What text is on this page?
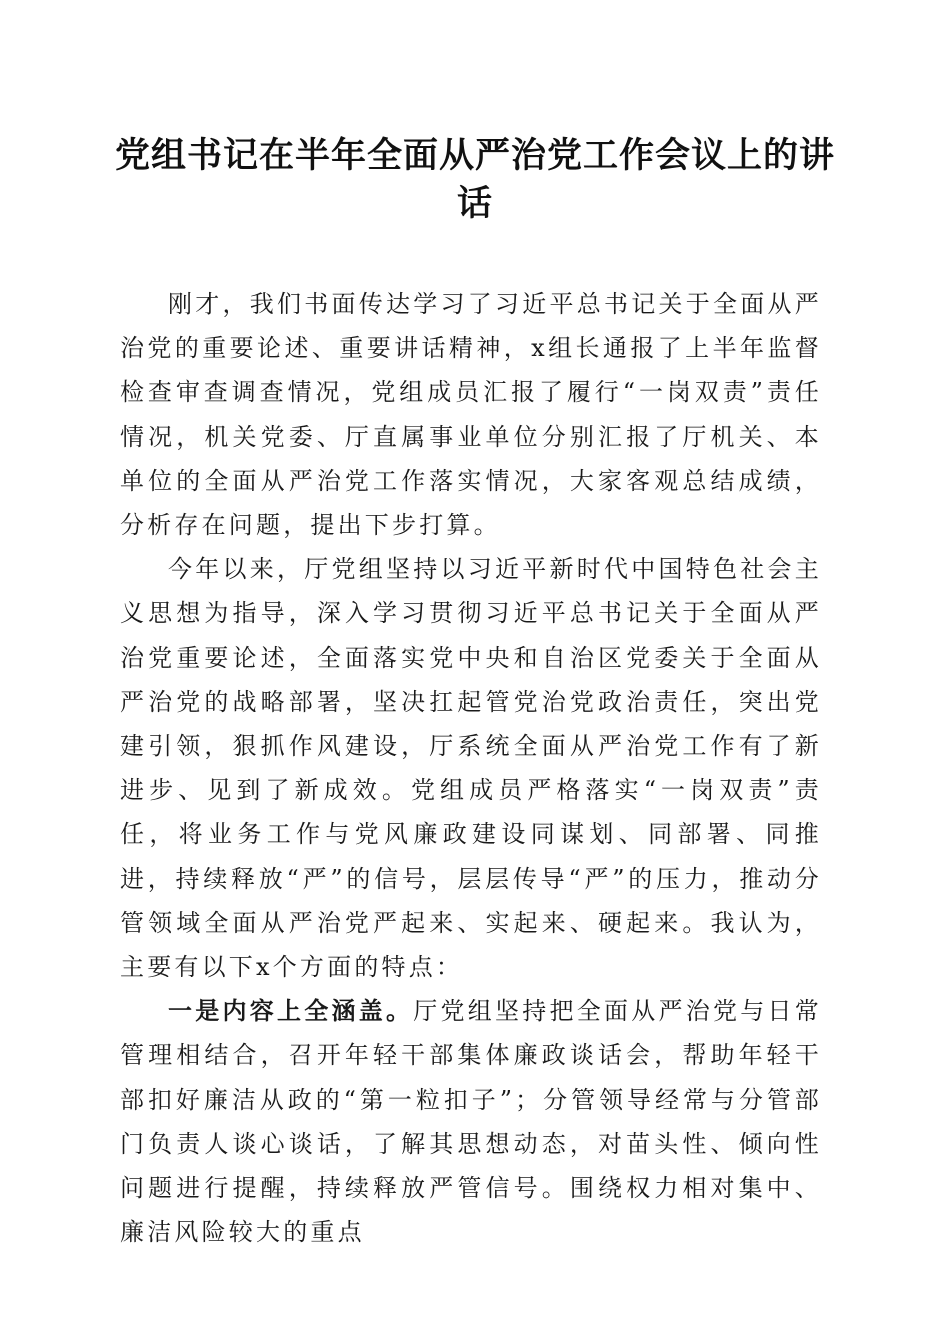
党组书记在半年全面从严治党工作会议上的讲话

刚才，我们书面传达学习了习近平总书记关于全面从严治党的重要论述、重要讲话精神，x组长通报了上半年监督检查审查调查情况，党组成员汇报了履行“一岗双责”责任情况，机关党委、厅直属事业单位分别汇报了厅机关、本单位的全面从严治党工作落实情况，大家客观总结成绩，分析存在问题，提出下步打算。

今年以来，厅党组坚持以习近平新时代中国特色社会主义思想为指导，深入学习贯彻习近平总书记关于全面从严治党重要论述，全面落实党中央和自治区党委关于全面从严治党的战略部署，坚决扛起管党治党政治责任，突出党建引领，狠抓作风建设，厅系统全面从严治党工作有了新进步、见到了新成效。党组成员严格落实“一岗双责”责任，将业务工作与党风廉政建设同谋划、同部署、同推进，持续释放“严”的信号，层层传导“严”的压力，推动分管领域全面从严治党严起来、实起来、硬起来。我认为，主要有以下x个方面的特点：

一是内容上全涵盖。厅党组坚持把全面从严治党与日常管理相结合，召开年轻干部集体廉政谈话会，帮助年轻干部扣好廉洁从政的“第一粒扣子”；分管领导经常与分管部门负责人谈心谈话，了解其思想动态，对苗头性、倾向性问题进行提醒，持续释放严管信号。围绕权力相对集中、廉洁风险较大的重点
